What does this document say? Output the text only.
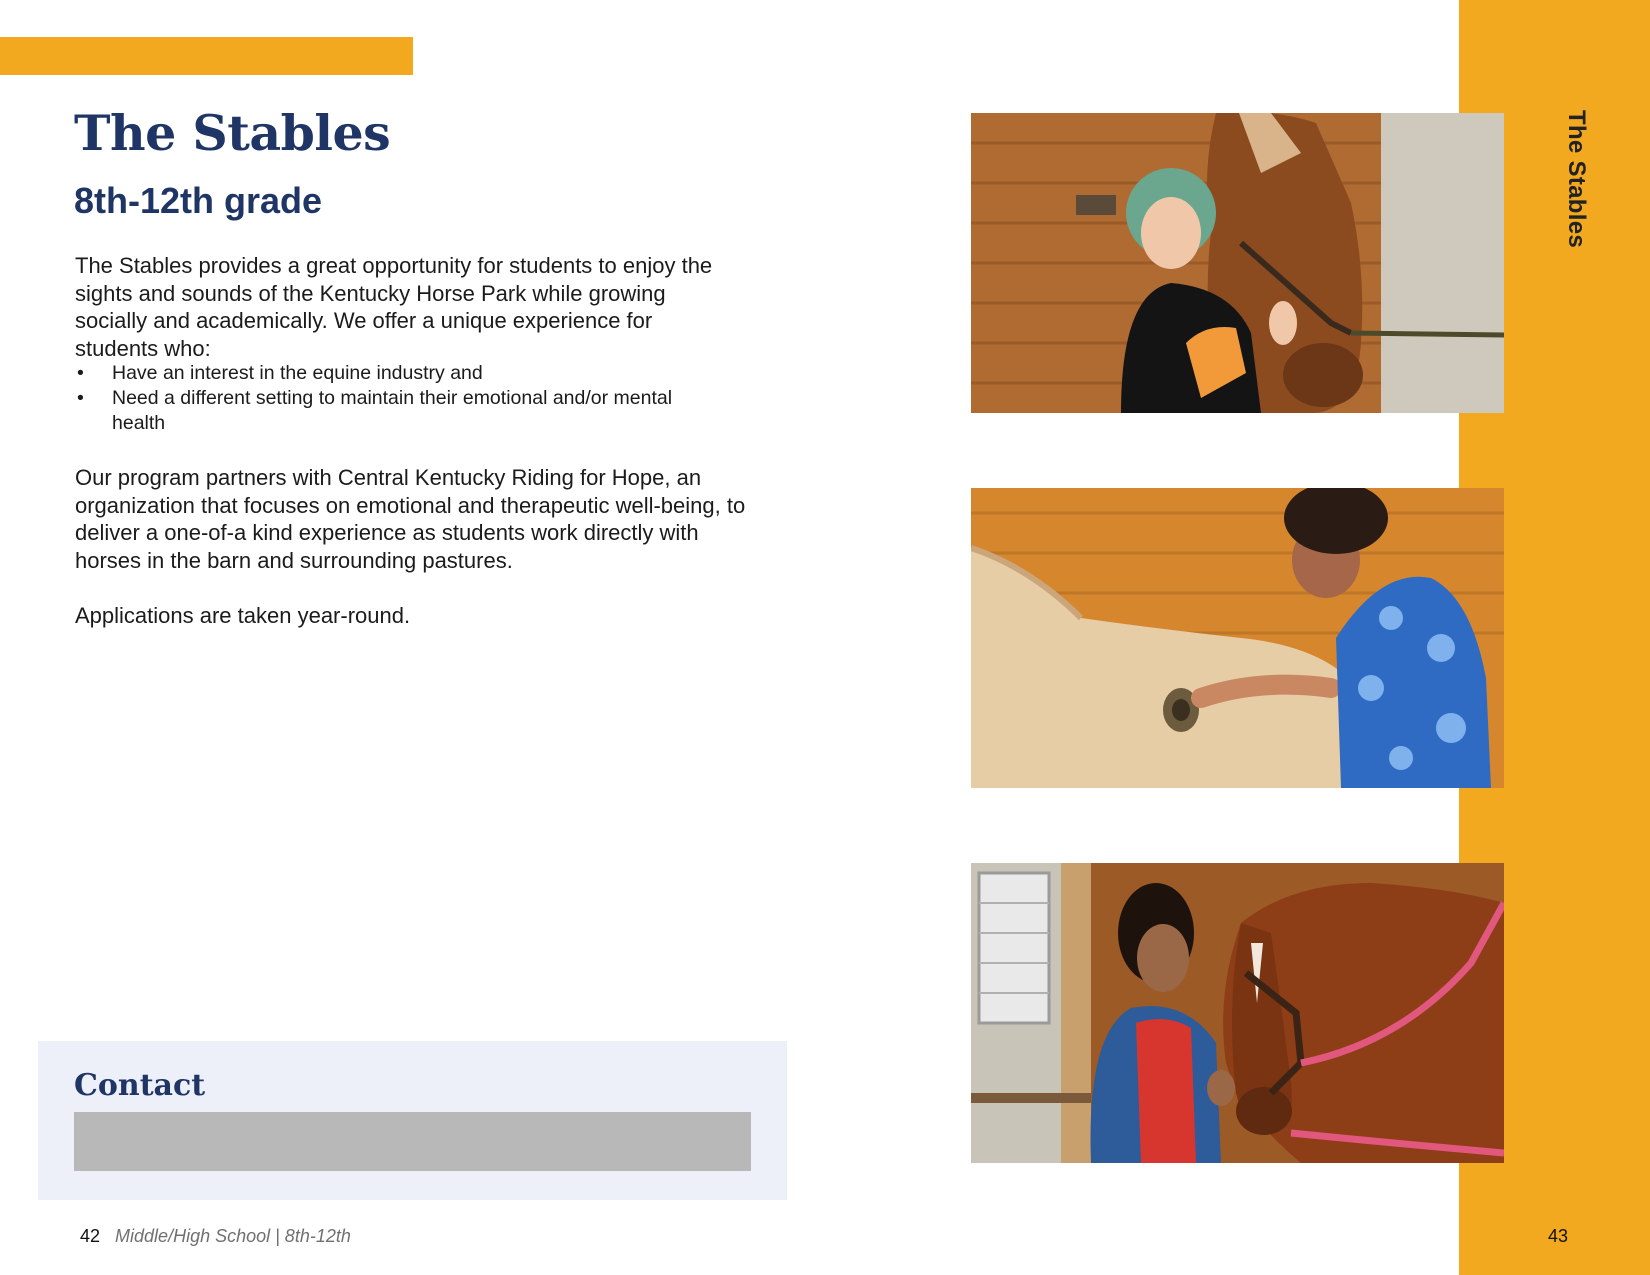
The Stables
The Stables
8th-12th grade

The Stables provides a great opportunity for students to enjoy the sights and sounds of the Kentucky Horse Park while growing socially and academically. We offer a unique experience for students who:

• Have an interest in the equine industry and
• Need a different setting to maintain their emotional and/or mental health

Our program partners with Central Kentucky Riding for Hope, an organization that focuses on emotional and therapeutic well-being, to deliver a one-of-a kind experience as students work directly with horses in the barn and surrounding pastures.

Applications are taken year-round.

Contact
42 Middle/High School | 8th-12th	43
